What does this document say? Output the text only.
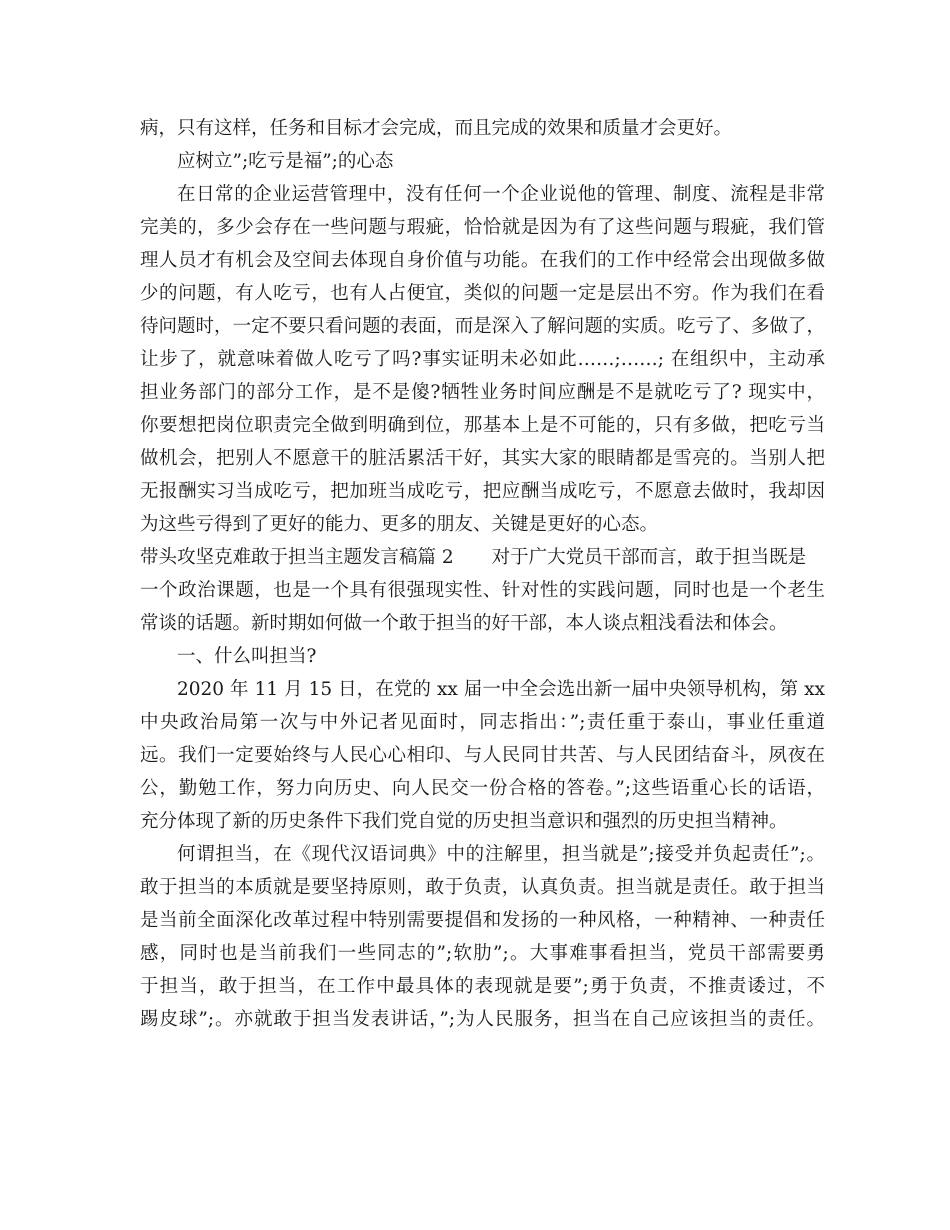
病，只有这样，任务和目标才会完成，而且完成的效果和质量才会更好。
应树立”;吃亏是福”;的心态
在日常的企业运营管理中，没有任何一个企业说他的管理、制度、流程是非常
完美的，多少会存在一些问题与瑕疵，恰恰就是因为有了这些问题与瑕疵，我们管
理人员才有机会及空间去体现自身价值与功能。在我们的工作中经常会出现做多做
少的问题，有人吃亏，也有人占便宜，类似的问题一定是层出不穷。作为我们在看
待问题时，一定不要只看问题的表面，而是深入了解问题的实质。吃亏了、多做了，
让步了，就意味着做人吃亏了吗?事实证明未必如此……;……; 在组织中，主动承
担业务部门的部分工作，是不是傻?牺牲业务时间应酬是不是就吃亏了? 现实中，
你要想把岗位职责完全做到明确到位，那基本上是不可能的，只有多做，把吃亏当
做机会，把别人不愿意干的脏活累活干好，其实大家的眼睛都是雪亮的。当别人把
无报酬实习当成吃亏，把加班当成吃亏，把应酬当成吃亏，不愿意去做时，我却因
为这些亏得到了更好的能力、更多的朋友、关键是更好的心态。
带头攻坚克难敢于担当主题发言稿篇 2 对于广大党员干部而言，敢于担当既是
一个政治课题，也是一个具有很强现实性、针对性的实践问题，同时也是一个老生
常谈的话题。新时期如何做一个敢于担当的好干部，本人谈点粗浅看法和体会。
一、什么叫担当?
2020 年 11 月 15 日，在党的 xx 届一中全会选出新一届中央领导机构，第 xx
中央政治局第一次与中外记者见面时，同志指出：”;责任重于泰山，事业任重道
远。我们一定要始终与人民心心相印、与人民同甘共苦、与人民团结奋斗，夙夜在
公，勤勉工作，努力向历史、向人民交一份合格的答卷。”;这些语重心长的话语，
充分体现了新的历史条件下我们党自觉的历史担当意识和强烈的历史担当精神。
何谓担当，在《现代汉语词典》中的注解里，担当就是”;接受并负起责任”;。
敢于担当的本质就是要坚持原则，敢于负责，认真负责。担当就是责任。敢于担当
是当前全面深化改革过程中特别需要提倡和发扬的一种风格，一种精神、一种责任
感，同时也是当前我们一些同志的”;软肋”;。大事难事看担当，党员干部需要勇
于担当，敢于担当，在工作中最具体的表现就是要”;勇于负责，不推责诿过，不
踢皮球”;。亦就敢于担当发表讲话，”;为人民服务，担当在自己应该担当的责任。
